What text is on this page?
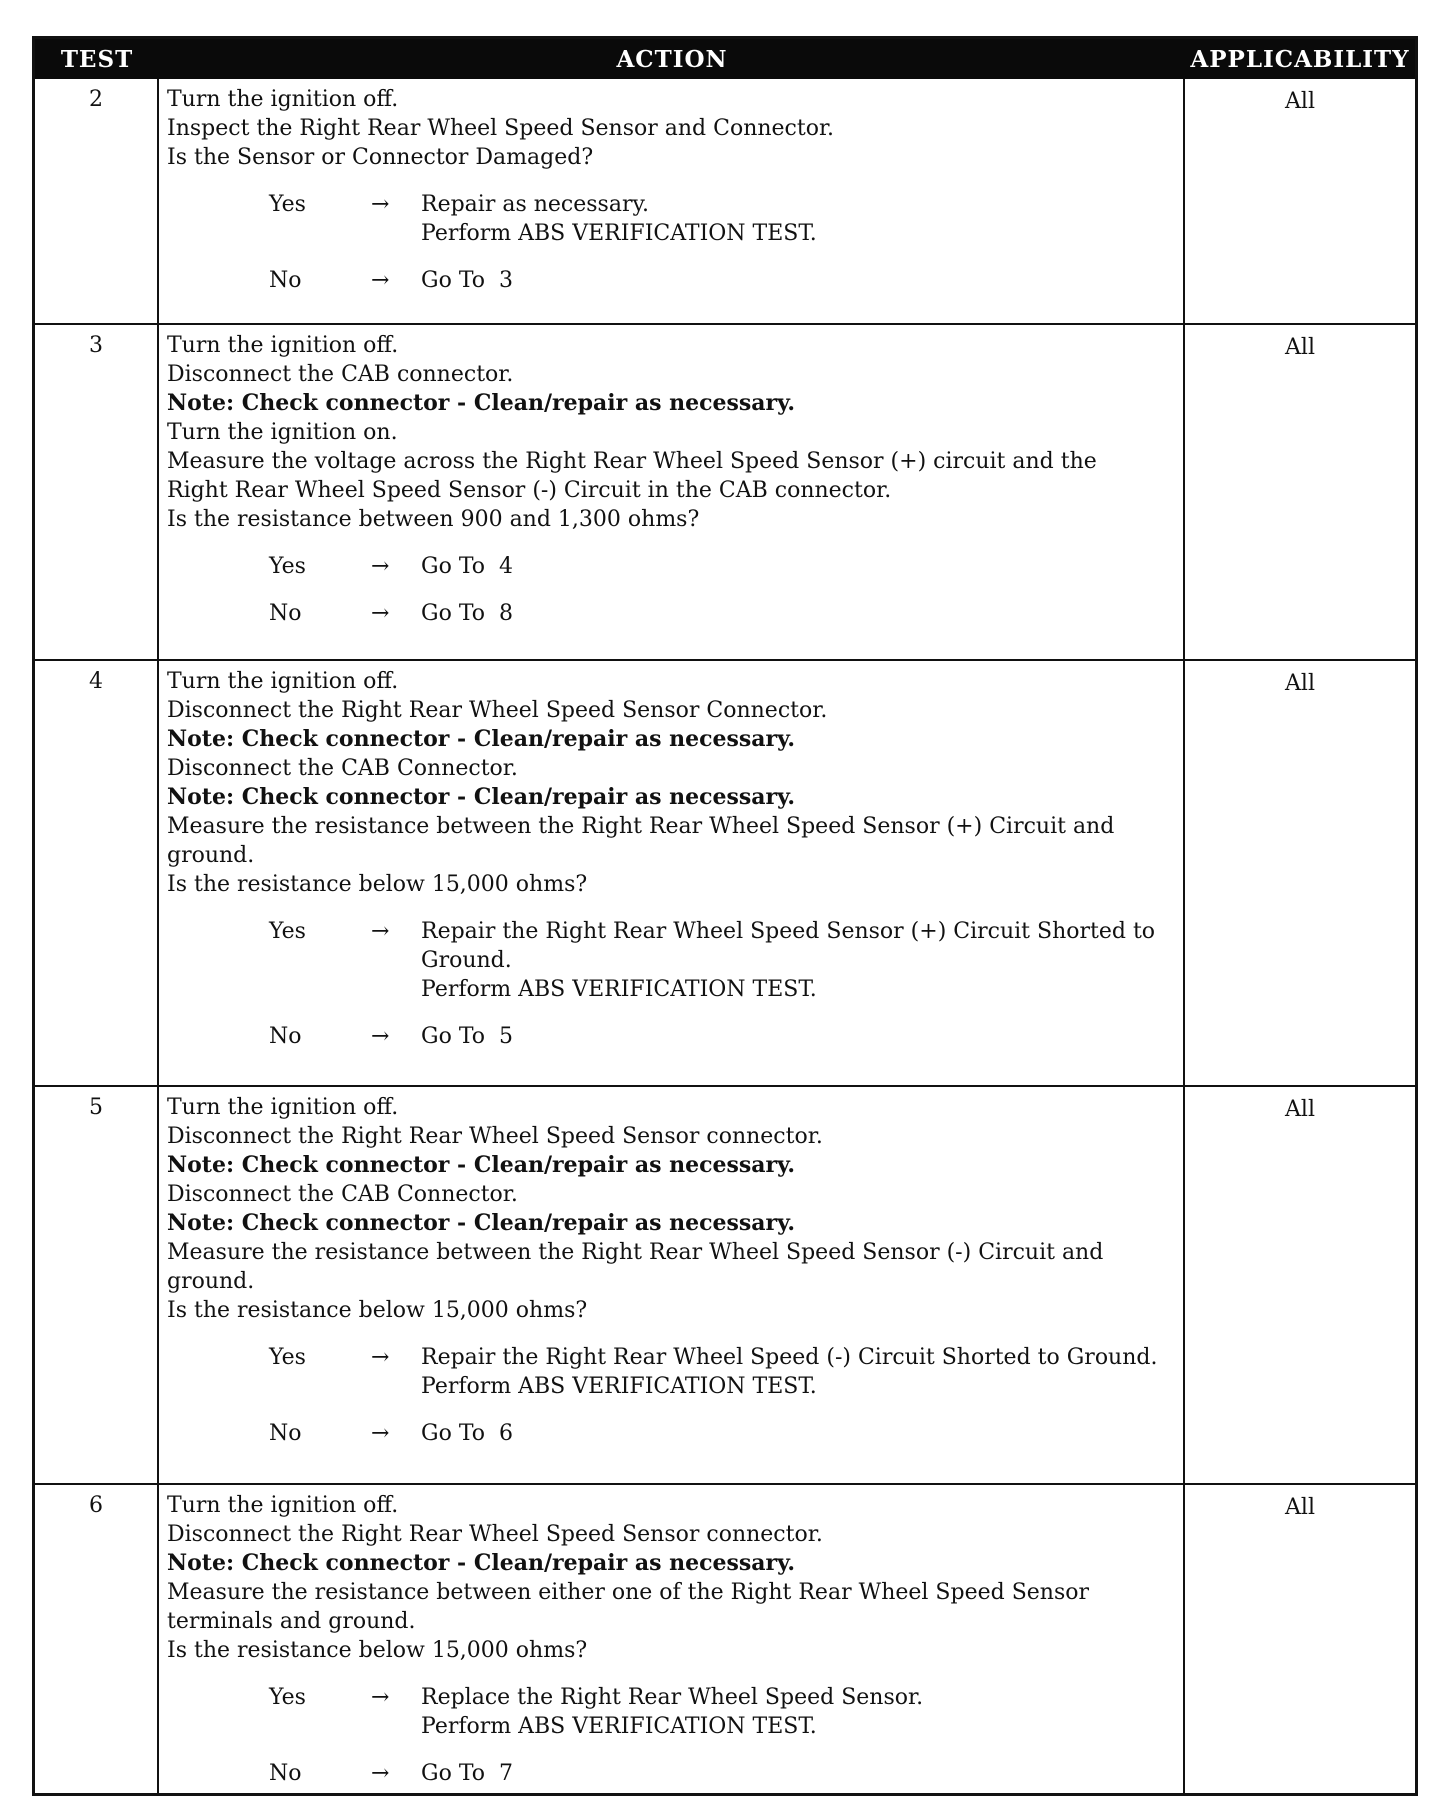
TEST	ACTION	APPLICABILITY
2	Turn the ignition off.
Inspect the Right Rear Wheel Speed Sensor and Connector.
Is the Sensor or Connector Damaged?
Yes	→	Repair as necessary.
Perform ABS VERIFICATION TEST.
No	→	Go To 3
All
3	Turn the ignition off.
Disconnect the CAB connector.
Note: Check connector - Clean/repair as necessary.
Turn the ignition on.
Measure the voltage across the Right Rear Wheel Speed Sensor (+) circuit and the
Right Rear Wheel Speed Sensor (-) Circuit in the CAB connector.
Is the resistance between 900 and 1,300 ohms?
Yes	→	Go To 4
No	→	Go To 8
All
4	Turn the ignition off.
Disconnect the Right Rear Wheel Speed Sensor Connector.
Note: Check connector - Clean/repair as necessary.
Disconnect the CAB Connector.
Note: Check connector - Clean/repair as necessary.
Measure the resistance between the Right Rear Wheel Speed Sensor (+) Circuit and
ground.
Is the resistance below 15,000 ohms?
Yes	→	Repair the Right Rear Wheel Speed Sensor (+) Circuit Shorted to
Ground.
Perform ABS VERIFICATION TEST.
No	→	Go To 5
All
5	Turn the ignition off.
Disconnect the Right Rear Wheel Speed Sensor connector.
Note: Check connector - Clean/repair as necessary.
Disconnect the CAB Connector.
Note: Check connector - Clean/repair as necessary.
Measure the resistance between the Right Rear Wheel Speed Sensor (-) Circuit and
ground.
Is the resistance below 15,000 ohms?
Yes	→	Repair the Right Rear Wheel Speed (-) Circuit Shorted to Ground.
Perform ABS VERIFICATION TEST.
No	→	Go To 6
All
6	Turn the ignition off.
Disconnect the Right Rear Wheel Speed Sensor connector.
Note: Check connector - Clean/repair as necessary.
Measure the resistance between either one of the Right Rear Wheel Speed Sensor
terminals and ground.
Is the resistance below 15,000 ohms?
Yes	→	Replace the Right Rear Wheel Speed Sensor.
Perform ABS VERIFICATION TEST.
No	→	Go To 7
All
